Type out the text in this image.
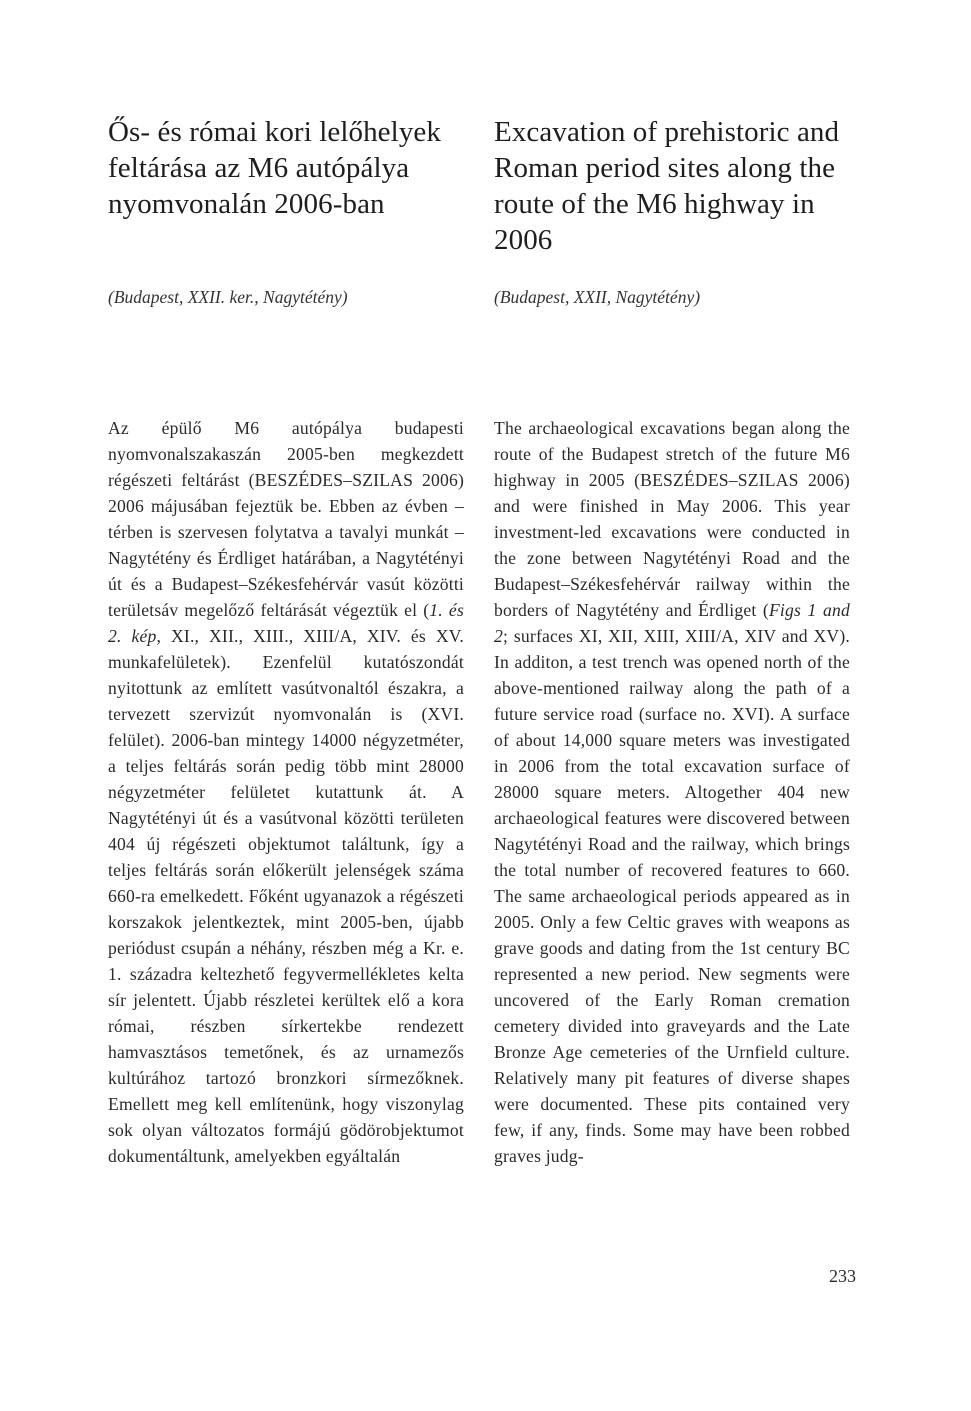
Ős- és római kori lelőhelyek feltárása az M6 autópálya nyomvonalán 2006-ban
(Budapest, XXII. ker., Nagytétény)
Excavation of prehistoric and Roman period sites along the route of the M6 highway in 2006
(Budapest, XXII, Nagytétény)

Az épülő M6 autópálya budapesti nyomvonalszakaszán 2005-ben megkezdett régészeti feltárást (BESZÉDES–SZILAS 2006) 2006 májusában fejeztük be. Ebben az évben – térben is szervesen folytatva a tavalyi munkát – Nagytétény és Érdliget határában, a Nagytétényi út és a Budapest–Székesfehérvár vasút közötti területsáv megelőző feltárását végeztük el (1. és 2. kép, XI., XII., XIII., XIII/A, XIV. és XV. munkafelületek). Ezenfelül kutatószondát nyitottunk az említett vasútvonaltól északra, a tervezett szervizút nyomvonalán is (XVI. felület). 2006-ban mintegy 14000 négyzetméter, a teljes feltárás során pedig több mint 28000 négyzetméter felületet kutattunk át. A Nagytétényi út és a vasútvonal közötti területen 404 új régészeti objektumot találtunk, így a teljes feltárás során előkerült jelenségek száma 660-ra emelkedett. Főként ugyanazok a régészeti korszakok jelentkeztek, mint 2005-ben, újabb periódust csupán a néhány, részben még a Kr. e. 1. századra keltezhető fegyvermellékletes kelta sír jelentett. Újabb részletei kerültek elő a kora római, részben sírkertekbe rendezett hamvasztásos temetőnek, és az urnamezős kultúrához tartozó bronzkori sírmezőknek. Emellett meg kell említenünk, hogy viszonylag sok olyan változatos formájú gödörobjektumot dokumentáltunk, amelyekben egyáltalán

The archaeological excavations began along the route of the Budapest stretch of the future M6 highway in 2005 (BESZÉDES–SZILAS 2006) and were finished in May 2006. This year investment-led excavations were conducted in the zone between Nagytétényi Road and the Budapest–Székesfehérvár railway within the borders of Nagytétény and Érdliget (Figs 1 and 2; surfaces XI, XII, XIII, XIII/A, XIV and XV). In additon, a test trench was opened north of the above-mentioned railway along the path of a future service road (surface no. XVI). A surface of about 14,000 square meters was investigated in 2006 from the total excavation surface of 28000 square meters. Altogether 404 new archaeological features were discovered between Nagytétényi Road and the railway, which brings the total number of recovered features to 660. The same archaeological periods appeared as in 2005. Only a few Celtic graves with weapons as grave goods and dating from the 1st century BC represented a new period. New segments were uncovered of the Early Roman cremation cemetery divided into graveyards and the Late Bronze Age cemeteries of the Urnfield culture. Relatively many pit features of diverse shapes were documented. These pits contained very few, if any, finds. Some may have been robbed graves judg-

233
